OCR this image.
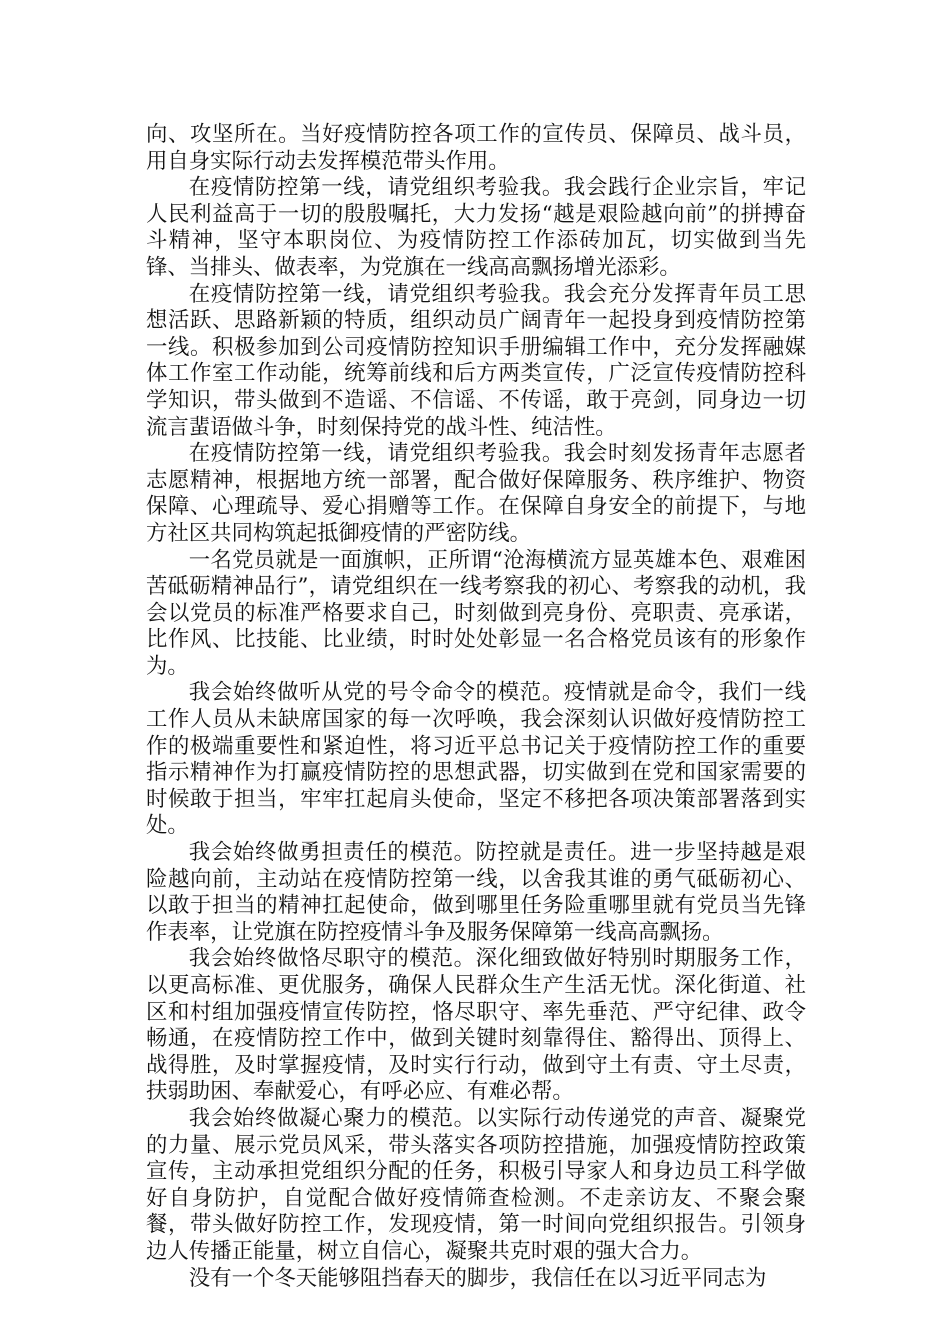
向、攻坚所在。当好疫情防控各项工作的宣传员、保障员、战斗员，用自身实际行动去发挥模范带头作用。

在疫情防控第一线，请党组织考验我。我会践行企业宗旨，牢记人民利益高于一切的殷殷嘱托，大力发扬“越是艰险越向前”的拼搏奋斗精神，坚守本职岗位、为疫情防控工作添砖加瓦，切实做到当先锋、当排头、做表率，为党旗在一线高高飘扬增光添彩。

在疫情防控第一线，请党组织考验我。我会充分发挥青年员工思想活跃、思路新颖的特质，组织动员广阔青年一起投身到疫情防控第一线。积极参加到公司疫情防控知识手册编辑工作中，充分发挥融媒体工作室工作动能，统筹前线和后方两类宣传，广泛宣传疫情防控科学知识，带头做到不造谣、不信谣、不传谣，敢于亮剑，同身边一切流言蜚语做斗争，时刻保持党的战斗性、纯洁性。

在疫情防控第一线，请党组织考验我。我会时刻发扬青年志愿者志愿精神，根据地方统一部署，配合做好保障服务、秩序维护、物资保障、心理疏导、爱心捐赠等工作。在保障自身安全的前提下，与地方社区共同构筑起抵御疫情的严密防线。

一名党员就是一面旗帜，正所谓“沧海横流方显英雄本色、艰难困苦砥砺精神品行”，请党组织在一线考察我的初心、考察我的动机，我会以党员的标准严格要求自己，时刻做到亮身份、亮职责、亮承诺，比作风、比技能、比业绩，时时处处彰显一名合格党员该有的形象作为。

我会始终做听从党的号令命令的模范。疫情就是命令，我们一线工作人员从未缺席国家的每一次呼唤，我会深刻认识做好疫情防控工作的极端重要性和紧迫性，将习近平总书记关于疫情防控工作的重要指示精神作为打赢疫情防控的思想武器，切实做到在党和国家需要的时候敢于担当，牢牢扛起肩头使命，坚定不移把各项决策部署落到实处。

我会始终做勇担责任的模范。防控就是责任。进一步坚持越是艰险越向前，主动站在疫情防控第一线，以舍我其谁的勇气砥砺初心、以敢于担当的精神扛起使命，做到哪里任务险重哪里就有党员当先锋作表率，让党旗在防控疫情斗争及服务保障第一线高高飘扬。

我会始终做恪尽职守的模范。深化细致做好特别时期服务工作，以更高标准、更优服务，确保人民群众生产生活无忧。深化街道、社区和村组加强疫情宣传防控，恪尽职守、率先垂范、严守纪律、政令畅通，在疫情防控工作中，做到关键时刻靠得住、豁得出、顶得上、战得胜，及时掌握疫情，及时实行行动，做到守土有责、守土尽责，扶弱助困、奉献爱心，有呼必应、有难必帮。

我会始终做凝心聚力的模范。以实际行动传递党的声音、凝聚党的力量、展示党员风采，带头落实各项防控措施，加强疫情防控政策宣传，主动承担党组织分配的任务，积极引导家人和身边员工科学做好自身防护，自觉配合做好疫情筛查检测。不走亲访友、不聚会聚餐，带头做好防控工作，发现疫情，第一时间向党组织报告。引领身边人传播正能量，树立自信心，凝聚共克时艰的强大合力。

没有一个冬天能够阻挡春天的脚步，我信任在以习近平同志为
